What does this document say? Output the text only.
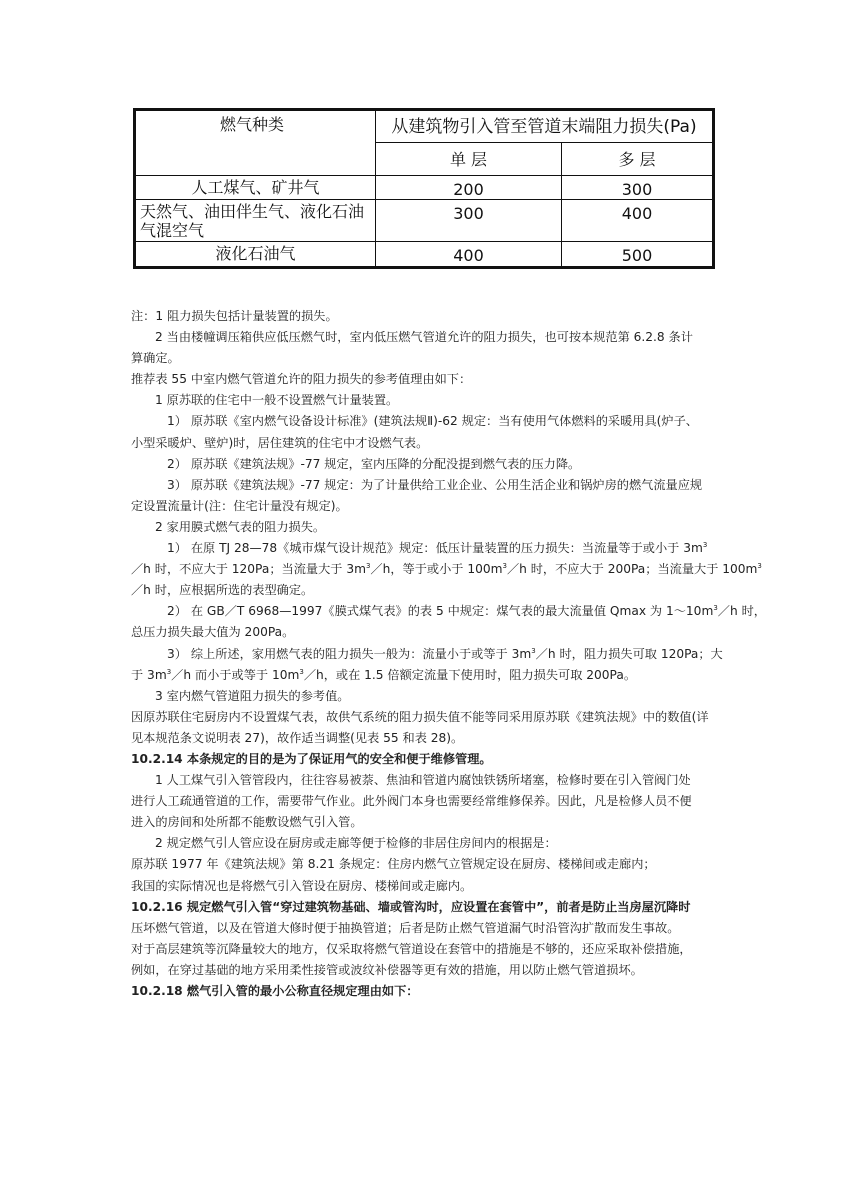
燃气种类	从建筑物引入管至管道末端阻力损失(Pa)	
	单 层	多 层
人工煤气、矿井气	200	300
天然气、油田伴生气、液化石油气混空气	300	400
液化石油气	400	500

注：1 阻力损失包括计量装置的损失。

2 当由楼幢调压箱供应低压燃气时，室内低压燃气管道允许的阻力损失，也可按本规范第 6.2.8 条计

算确定。

推荐表 55 中室内燃气管道允许的阻力损失的参考值理由如下：

1 原苏联的住宅中一般不设置燃气计量装置。

1） 原苏联《室内燃气设备设计标准》(建筑法规Ⅱ)-62 规定：当有使用气体燃料的采暖用具(炉子、

小型采暖炉、壁炉)时，居住建筑的住宅中才设燃气表。

2） 原苏联《建筑法规》-77 规定，室内压降的分配没提到燃气表的压力降。

3） 原苏联《建筑法规》-77 规定：为了计量供给工业企业、公用生活企业和锅炉房的燃气流量应规

定设置流量计(注：住宅计量没有规定)。

2 家用膜式燃气表的阻力损失。

1） 在原 TJ 28—78《城市煤气设计规范》规定：低压计量装置的压力损失：当流量等于或小于 $3m^3$

／h 时，不应大于 120Pa；当流量大于 $3m^3/h$，等于或小于 $100m^3/h$ 时，不应大于 200Pa；当流量大于 $100m^3$

／h 时，应根据所选的表型确定。

2） 在 GB／T 6968—1997《膜式煤气表》的表 5 中规定：煤气表的最大流量值 Qmax 为 $1\sim 10m^3/h$ 时，

总压力损失最大值为 200Pa。

3） 综上所述，家用燃气表的阻力损失一般为：流量小于或等于 $3m^3/h$ 时，阻力损失可取 120Pa；大

于 $3m^3/h$ 而小于或等于 $10m^3/h$，或在 1.5 倍额定流量下使用时，阻力损失可取 200Pa。

3 室内燃气管道阻力损失的参考值。

因原苏联住宅厨房内不设置煤气表，故供气系统的阻力损失值不能等同采用原苏联《建筑法规》中的数值(详

见本规范条文说明表 27)，故作适当调整(见表 55 和表 28)。

10.2.14 本条规定的目的是为了保证用气的安全和便于维修管理。

1 人工煤气引入管管段内，往往容易被萘、焦油和管道内腐蚀铁锈所堵塞，检修时要在引入管阀门处

进行人工疏通管道的工作，需要带气作业。此外阀门本身也需要经常维修保养。因此，凡是检修人员不便

进入的房间和处所都不能敷设燃气引入管。

2 规定燃气引人管应设在厨房或走廊等便于检修的非居住房间内的根据是：

原苏联 1977 年《建筑法规》第 8.21 条规定：住房内燃气立管规定设在厨房、楼梯间或走廊内；

我国的实际情况也是将燃气引入管设在厨房、楼梯间或走廊内。

10.2.16 规定燃气引入管“穿过建筑物基础、墙或管沟时，应设置在套管中”，前者是防止当房屋沉降时

压坏燃气管道，以及在管道大修时便于抽换管道；后者是防止燃气管道漏气时沿管沟扩散而发生事故。

对于高层建筑等沉降量较大的地方，仅采取将燃气管道设在套管中的措施是不够的，还应采取补偿措施，

例如，在穿过基础的地方采用柔性接管或波纹补偿器等更有效的措施，用以防止燃气管道损坏。

10.2.18 燃气引入管的最小公称直径规定理由如下：
